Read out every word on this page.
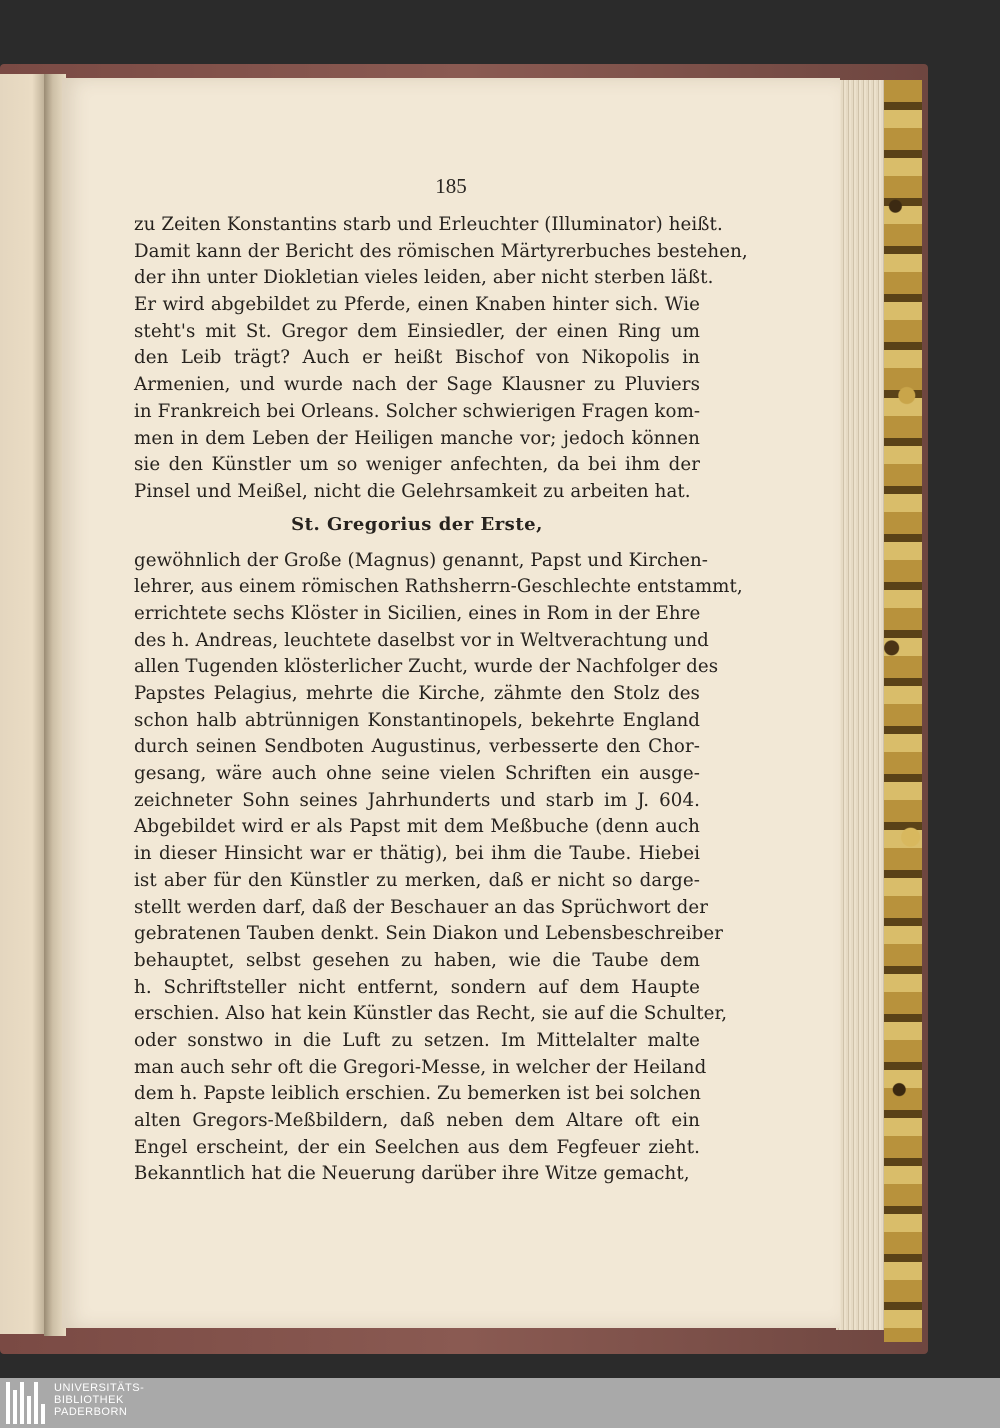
185
zu Zeiten Konstantins starb und Erleuchter (Illuminator) heißt.
Damit kann der Bericht des römischen Märtyrerbuches bestehen,
der ihn unter Diokletian vieles leiden, aber nicht sterben läßt.
Er wird abgebildet zu Pferde, einen Knaben hinter sich. Wie
steht's mit St. Gregor dem Einsiedler, der einen Ring um
den Leib trägt? Auch er heißt Bischof von Nikopolis in
Armenien, und wurde nach der Sage Klausner zu Pluviers
in Frankreich bei Orleans. Solcher schwierigen Fragen kom-
men in dem Leben der Heiligen manche vor; jedoch können
sie den Künstler um so weniger anfechten, da bei ihm der
Pinsel und Meißel, nicht die Gelehrsamkeit zu arbeiten hat.
St. Gregorius der Erste,
gewöhnlich der Große (Magnus) genannt, Papst und Kirchen-
lehrer, aus einem römischen Rathsherrn-Geschlechte entstammt,
errichtete sechs Klöster in Sicilien, eines in Rom in der Ehre
des h. Andreas, leuchtete daselbst vor in Weltverachtung und
allen Tugenden klösterlicher Zucht, wurde der Nachfolger des
Papstes Pelagius, mehrte die Kirche, zähmte den Stolz des
schon halb abtrünnigen Konstantinopels, bekehrte England
durch seinen Sendboten Augustinus, verbesserte den Chor-
gesang, wäre auch ohne seine vielen Schriften ein ausge-
zeichneter Sohn seines Jahrhunderts und starb im J. 604.
Abgebildet wird er als Papst mit dem Meßbuche (denn auch
in dieser Hinsicht war er thätig), bei ihm die Taube. Hiebei
ist aber für den Künstler zu merken, daß er nicht so darge-
stellt werden darf, daß der Beschauer an das Sprüchwort der
gebratenen Tauben denkt. Sein Diakon und Lebensbeschreiber
behauptet, selbst gesehen zu haben, wie die Taube dem
h. Schriftsteller nicht entfernt, sondern auf dem Haupte
erschien. Also hat kein Künstler das Recht, sie auf die Schulter,
oder sonstwo in die Luft zu setzen. Im Mittelalter malte
man auch sehr oft die Gregori-Messe, in welcher der Heiland
dem h. Papste leiblich erschien. Zu bemerken ist bei solchen
alten Gregors-Meßbildern, daß neben dem Altare oft ein
Engel erscheint, der ein Seelchen aus dem Fegfeuer zieht.
Bekanntlich hat die Neuerung darüber ihre Witze gemacht,
UNIVERSITÄTS-
BIBLIOTHEK
PADERBORN
